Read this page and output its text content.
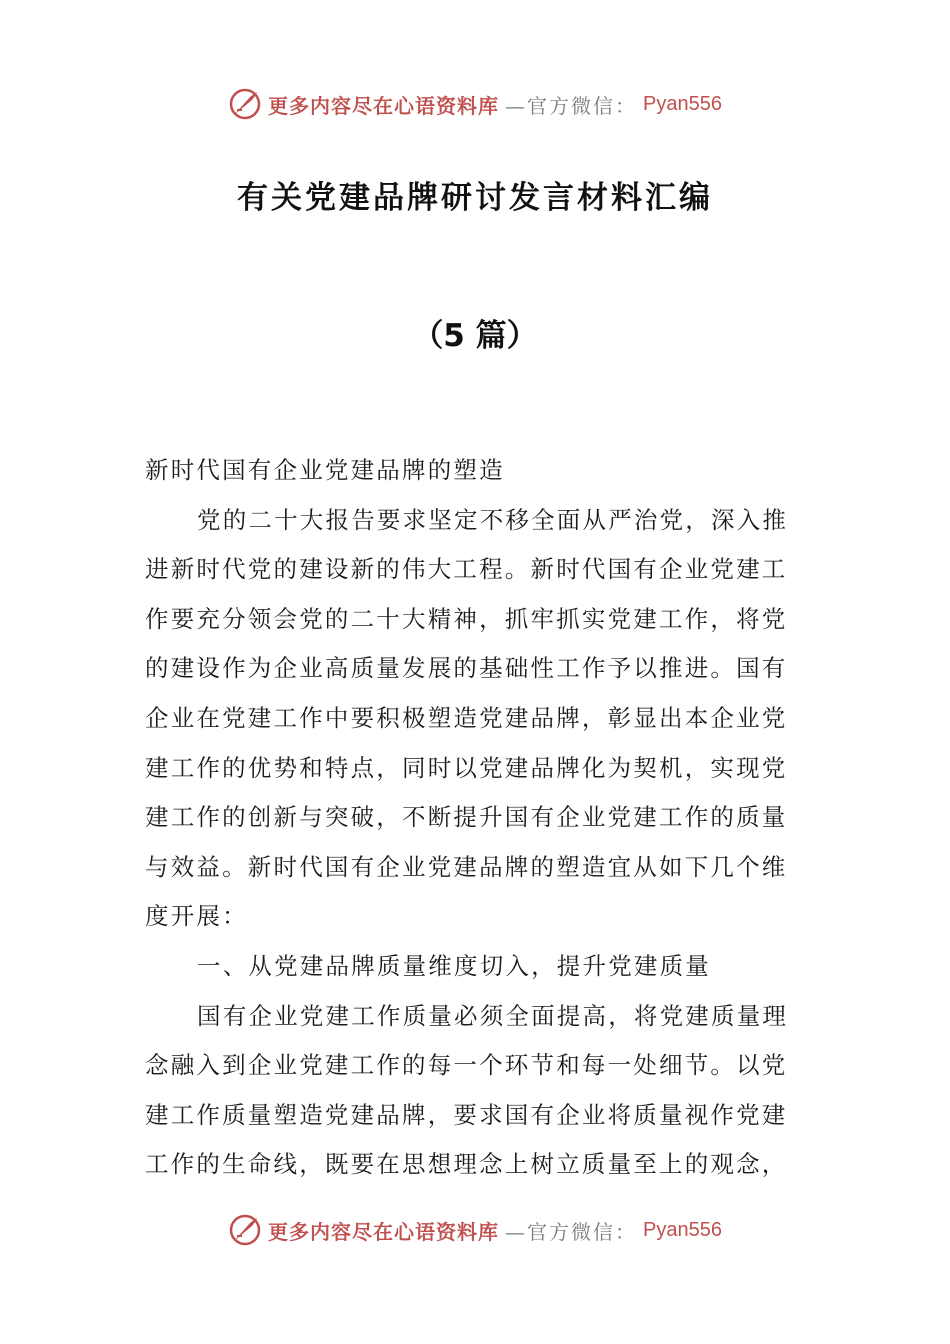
更多内容尽在心语资料库 —官方微信： Pyan556
有关党建品牌研讨发言材料汇编
（5 篇）
新时代国有企业党建品牌的塑造
党的二十大报告要求坚定不移全面从严治党，深入推
进新时代党的建设新的伟大工程。新时代国有企业党建工
作要充分领会党的二十大精神，抓牢抓实党建工作，将党
的建设作为企业高质量发展的基础性工作予以推进。国有
企业在党建工作中要积极塑造党建品牌，彰显出本企业党
建工作的优势和特点，同时以党建品牌化为契机，实现党
建工作的创新与突破，不断提升国有企业党建工作的质量
与效益。新时代国有企业党建品牌的塑造宜从如下几个维
度开展：
一、从党建品牌质量维度切入，提升党建质量
国有企业党建工作质量必须全面提高，将党建质量理
念融入到企业党建工作的每一个环节和每一处细节。以党
建工作质量塑造党建品牌，要求国有企业将质量视作党建
工作的生命线，既要在思想理念上树立质量至上的观念，
更多内容尽在心语资料库 —官方微信： Pyan556
